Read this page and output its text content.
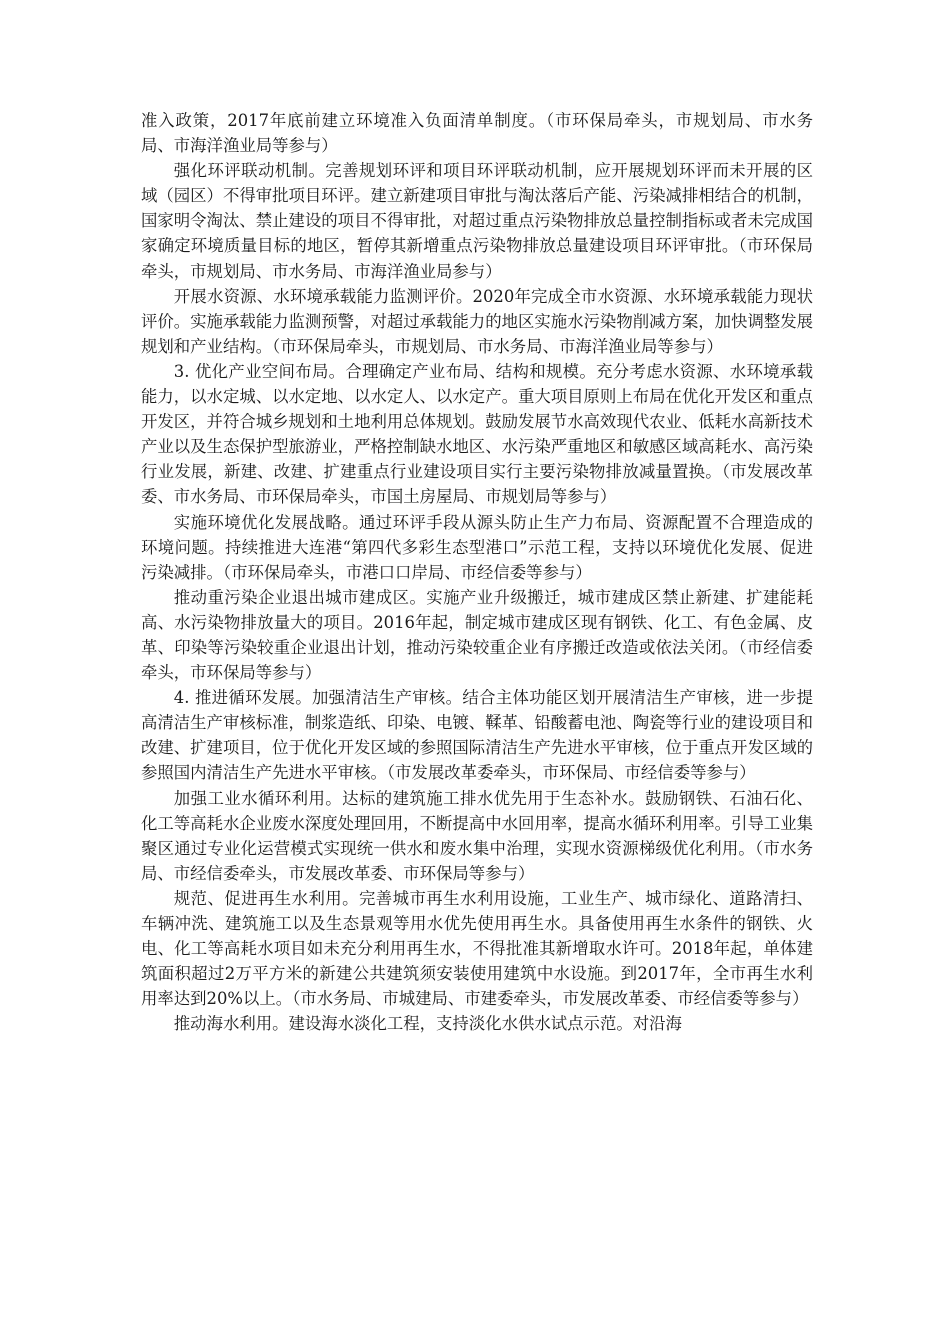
准入政策，2017年底前建立环境准入负面清单制度。（市环保局牵头，市规划局、市水务局、市海洋渔业局等参与）

强化环评联动机制。完善规划环评和项目环评联动机制，应开展规划环评而未开展的区域（园区）不得审批项目环评。建立新建项目审批与淘汰落后产能、污染减排相结合的机制，国家明令淘汰、禁止建设的项目不得审批，对超过重点污染物排放总量控制指标或者未完成国家确定环境质量目标的地区，暂停其新增重点污染物排放总量建设项目环评审批。（市环保局牵头，市规划局、市水务局、市海洋渔业局参与）

开展水资源、水环境承载能力监测评价。2020年完成全市水资源、水环境承载能力现状评价。实施承载能力监测预警，对超过承载能力的地区实施水污染物削减方案，加快调整发展规划和产业结构。（市环保局牵头，市规划局、市水务局、市海洋渔业局等参与）

3. 优化产业空间布局。合理确定产业布局、结构和规模。充分考虑水资源、水环境承载能力，以水定城、以水定地、以水定人、以水定产。重大项目原则上布局在优化开发区和重点开发区，并符合城乡规划和土地利用总体规划。鼓励发展节水高效现代农业、低耗水高新技术产业以及生态保护型旅游业，严格控制缺水地区、水污染严重地区和敏感区域高耗水、高污染行业发展，新建、改建、扩建重点行业建设项目实行主要污染物排放减量置换。（市发展改革委、市水务局、市环保局牵头，市国土房屋局、市规划局等参与）

实施环境优化发展战略。通过环评手段从源头防止生产力布局、资源配置不合理造成的环境问题。持续推进大连港“第四代多彩生态型港口”示范工程，支持以环境优化发展、促进污染减排。（市环保局牵头，市港口口岸局、市经信委等参与）

推动重污染企业退出城市建成区。实施产业升级搬迁，城市建成区禁止新建、扩建能耗高、水污染物排放量大的项目。2016年起，制定城市建成区现有钢铁、化工、有色金属、皮革、印染等污染较重企业退出计划，推动污染较重企业有序搬迁改造或依法关闭。（市经信委牵头，市环保局等参与）

4. 推进循环发展。加强清洁生产审核。结合主体功能区划开展清洁生产审核，进一步提高清洁生产审核标准，制浆造纸、印染、电镀、鞣革、铅酸蓄电池、陶瓷等行业的建设项目和改建、扩建项目，位于优化开发区域的参照国际清洁生产先进水平审核，位于重点开发区域的参照国内清洁生产先进水平审核。（市发展改革委牵头，市环保局、市经信委等参与）

加强工业水循环利用。达标的建筑施工排水优先用于生态补水。鼓励钢铁、石油石化、化工等高耗水企业废水深度处理回用，不断提高中水回用率，提高水循环利用率。引导工业集聚区通过专业化运营模式实现统一供水和废水集中治理，实现水资源梯级优化利用。（市水务局、市经信委牵头，市发展改革委、市环保局等参与）

规范、促进再生水利用。完善城市再生水利用设施，工业生产、城市绿化、道路清扫、车辆冲洗、建筑施工以及生态景观等用水优先使用再生水。具备使用再生水条件的钢铁、火电、化工等高耗水项目如未充分利用再生水，不得批准其新增取水许可。2018年起，单体建筑面积超过2万平方米的新建公共建筑须安装使用建筑中水设施。到2017年，全市再生水利用率达到20%以上。（市水务局、市城建局、市建委牵头，市发展改革委、市经信委等参与）

推动海水利用。建设海水淡化工程，支持淡化水供水试点示范。对沿海
